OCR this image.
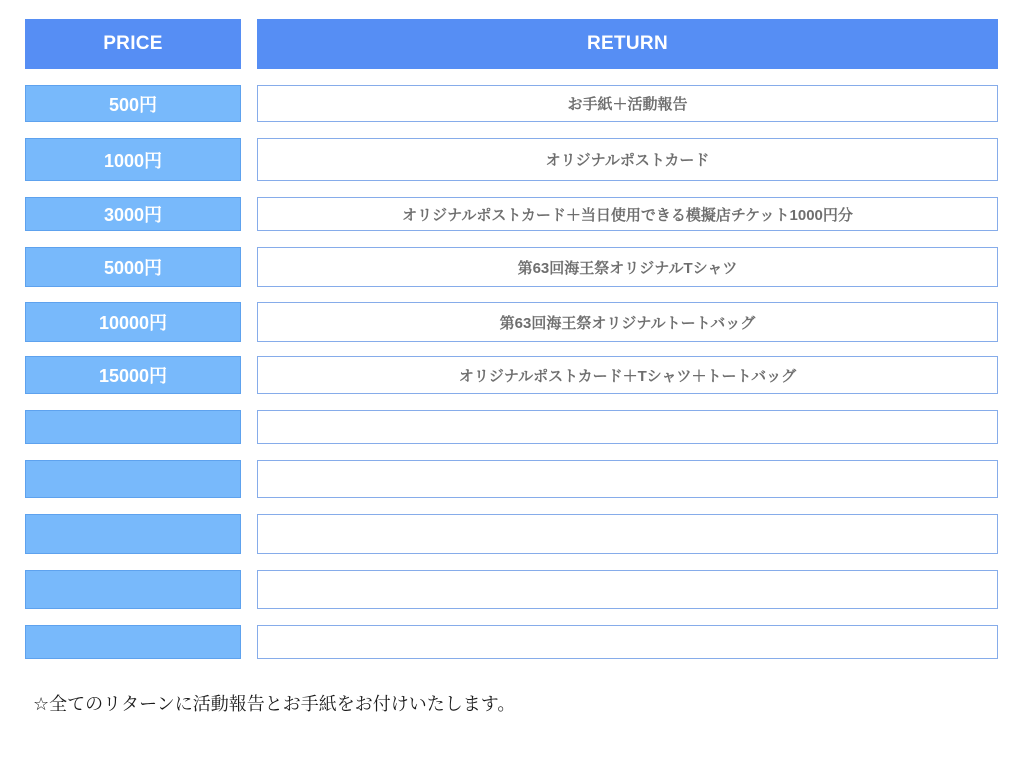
PRICE	RETURN
500円	お手紙＋活動報告
1000円	オリジナルポストカード
3000円	オリジナルポストカード＋当日使用できる模擬店チケット1000円分
5000円	第63回海王祭オリジナルTシャツ
10000円	第63回海王祭オリジナルトートバッグ
15000円	オリジナルポストカード＋Tシャツ＋トートバッグ
☆全てのリターンに活動報告とお手紙をお付けいたします。
